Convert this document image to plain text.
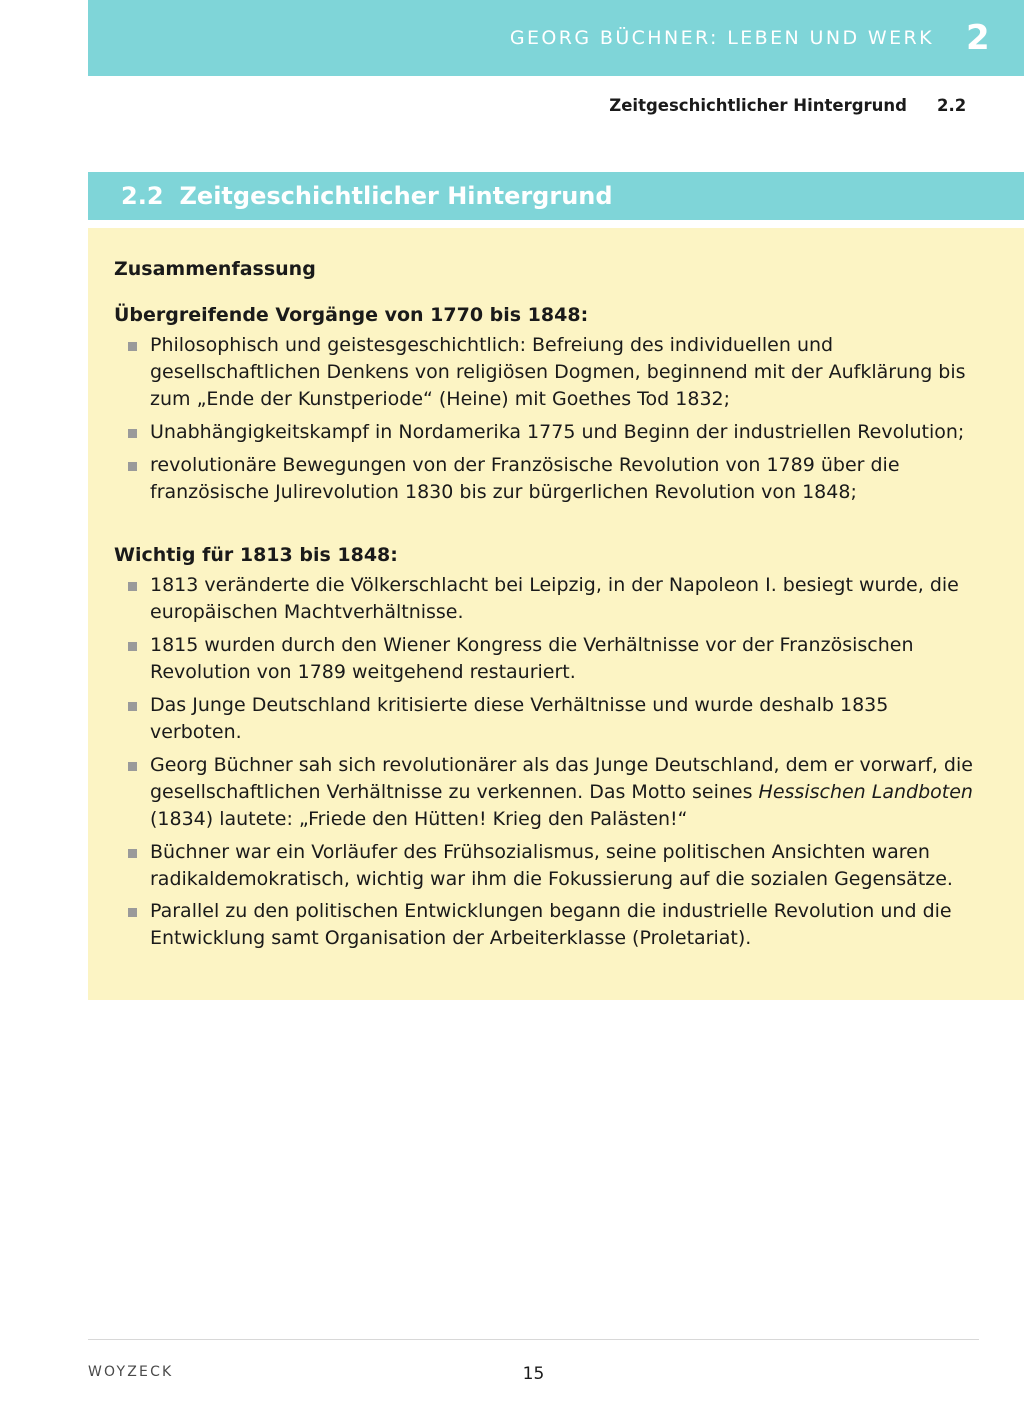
GEORG BÜCHNER: LEBEN UND WERK 2
Zeitgeschichtlicher Hintergrund 2.2
2.2 Zeitgeschichtlicher Hintergrund
Zusammenfassung
Übergreifende Vorgänge von 1770 bis 1848:
Philosophisch und geistesgeschichtlich: Befreiung des individuellen und gesellschaftlichen Denkens von religiösen Dogmen, beginnend mit der Aufklärung bis zum „Ende der Kunstperiode“ (Heine) mit Goethes Tod 1832;
Unabhängigkeitskampf in Nordamerika 1775 und Beginn der industriellen Revolution;
revolutionäre Bewegungen von der Französische Revolution von 1789 über die französische Julirevolution 1830 bis zur bürgerlichen Revolution von 1848;
Wichtig für 1813 bis 1848:
1813 veränderte die Völkerschlacht bei Leipzig, in der Napoleon I. besiegt wurde, die europäischen Machtverhältnisse.
1815 wurden durch den Wiener Kongress die Verhältnisse vor der Französischen Revolution von 1789 weitgehend restauriert.
Das Junge Deutschland kritisierte diese Verhältnisse und wurde deshalb 1835 verboten.
Georg Büchner sah sich revolutionärer als das Junge Deutschland, dem er vorwarf, die gesellschaftlichen Verhältnisse zu verkennen. Das Motto seines Hessischen Landboten (1834) lautete: „Friede den Hütten! Krieg den Palästen!“
Büchner war ein Vorläufer des Frühsozialismus, seine politischen Ansichten waren radikaldemokratisch, wichtig war ihm die Fokussierung auf die sozialen Gegensätze.
Parallel zu den politischen Entwicklungen begann die industrielle Revolution und die Entwicklung samt Organisation der Arbeiterklasse (Proletariat).
WOYZECK	15
